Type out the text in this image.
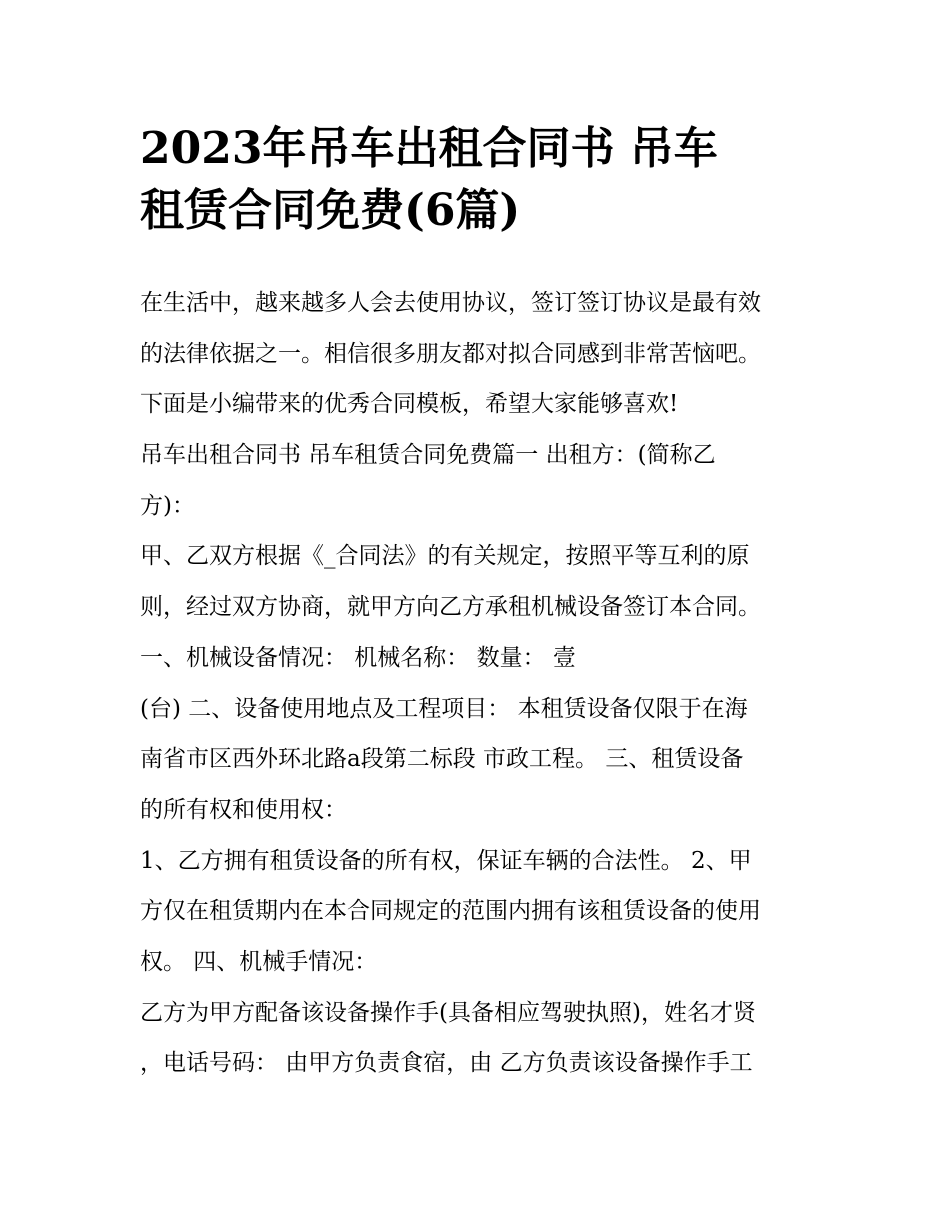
2023年吊车出租合同书 吊车
租赁合同免费(6篇)

在生活中，越来越多人会去使用协议，签订签订协议是最有效

的法律依据之一。相信很多朋友都对拟合同感到非常苦恼吧。

下面是小编带来的优秀合同模板，希望大家能够喜欢!

吊车出租合同书 吊车租赁合同免费篇一 出租方：(简称乙

方)：

甲、乙双方根据《_合同法》的有关规定，按照平等互利的原

则，经过双方协商，就甲方向乙方承租机械设备签订本合同。

一、机械设备情况： 机械名称： 数量： 壹

(台) 二、设备使用地点及工程项目： 本租赁设备仅限于在海

南省市区西外环北路a段第二标段 市政工程。 三、租赁设备

的所有权和使用权：

1、乙方拥有租赁设备的所有权，保证车辆的合法性。 2、甲

方仅在租赁期内在本合同规定的范围内拥有该租赁设备的使用

权。 四、机械手情况：

乙方为甲方配备该设备操作手(具备相应驾驶执照)，姓名才贤

，电话号码： 由甲方负责食宿，由 乙方负责该设备操作手工
